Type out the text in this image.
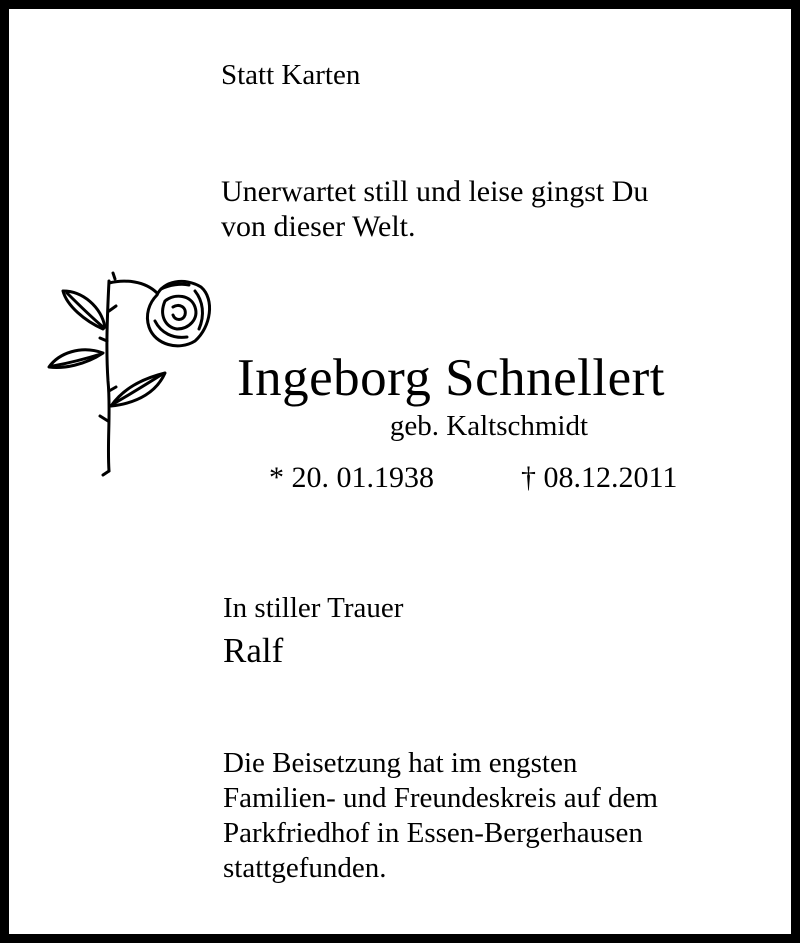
Statt Karten
Unerwartet still und leise gingst Du
von dieser Welt.
Ingeborg Schnellert
geb. Kaltschmidt
* 20. 01.1938	† 08.12.2011
In stiller Trauer
Ralf
Die Beisetzung hat im engsten
Familien- und Freundeskreis auf dem
Parkfriedhof in Essen-Bergerhausen
stattgefunden.
